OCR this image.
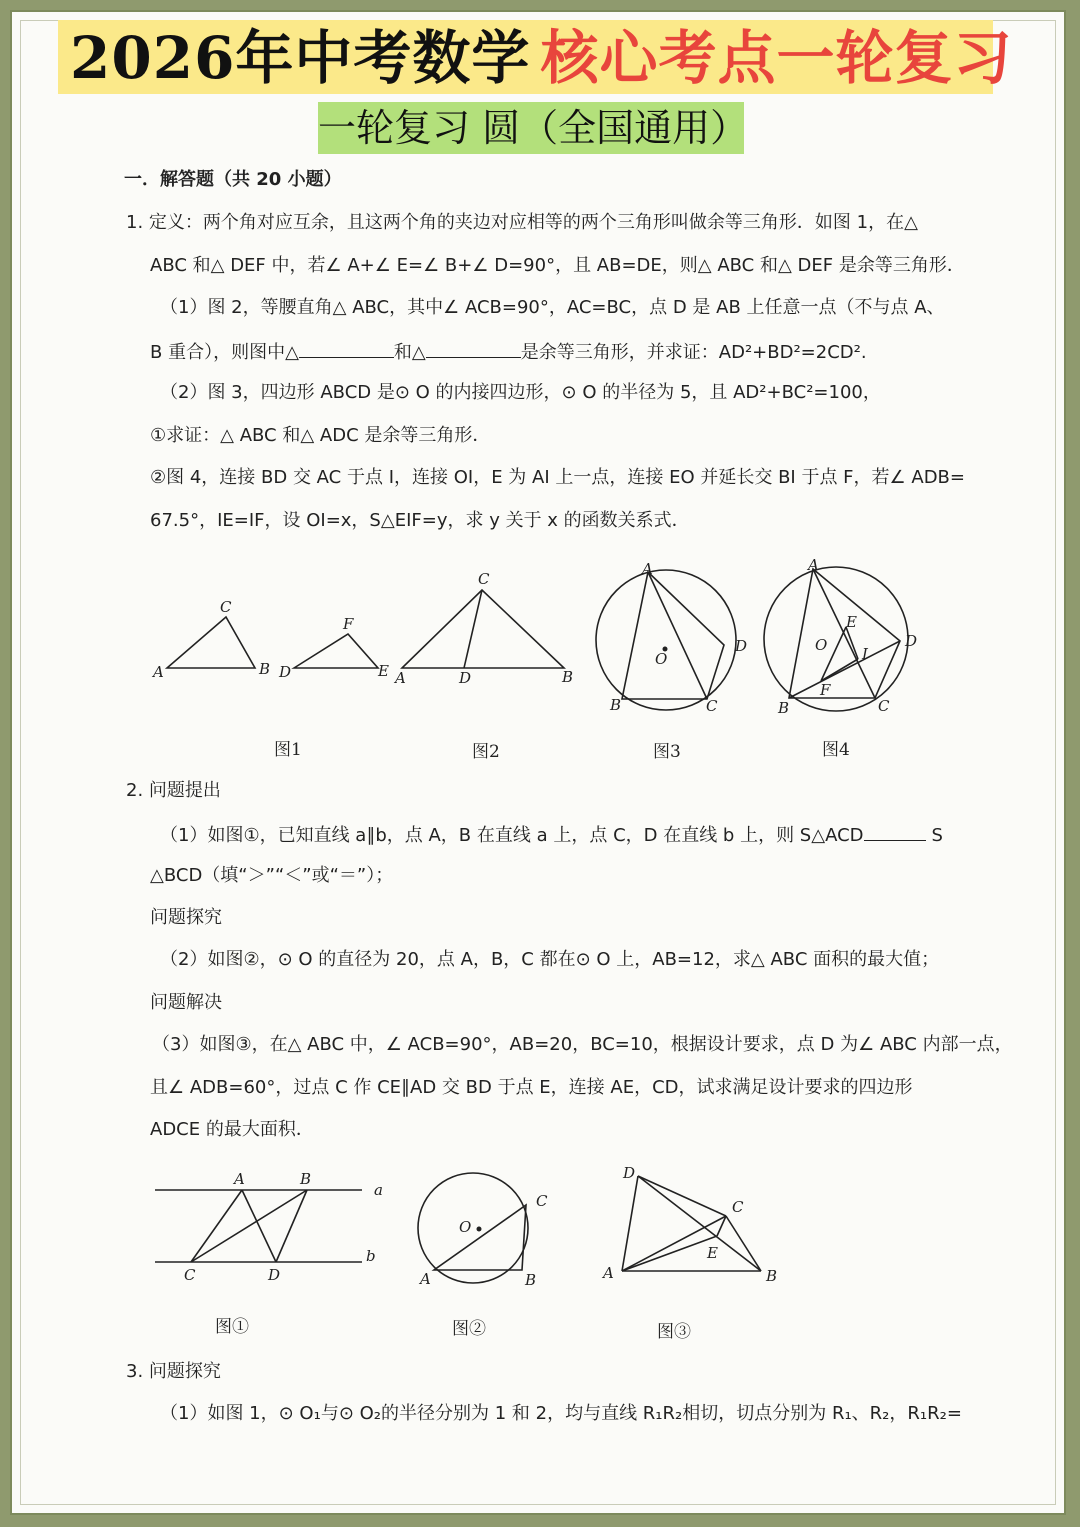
2026年中考数学 核心考点一轮复习
一轮复习 圆（全国通用）
一．解答题（共 20 小题）
1. 定义：两个角对应互余，且这两个角的夹边对应相等的两个三角形叫做余等三角形．如图 1，在△
ABC 和△ DEF 中，若∠ A+∠ E=∠ B+∠ D=90°，且 AB=DE，则△ ABC 和△ DEF 是余等三角形．
（1）图 2，等腰直角△ ABC，其中∠ ACB=90°，AC=BC，点 D 是 AB 上任意一点（不与点 A、
B 重合），则图中△	和△	是余等三角形，并求证：AD²+BD²=2CD².
（2）图 3，四边形 ABCD 是⊙ O 的内接四边形，⊙ O 的半径为 5，且 AD²+BC²=100，
①求证：△ ABC 和△ ADC 是余等三角形．
②图 4，连接 BD 交 AC 于点 I，连接 OI，E 为 AI 上一点，连接 EO 并延长交 BI 于点 F，若∠ ADB=
67.5°，IE=IF，设 OI=x，S△EIF=y，求 y 关于 x 的函数关系式．
A	B
C
D	E
F
A	D	B
C
A
D
B	C
O
A
B	C
D
E
F
I
O
图1	图2	图3	图4
2. 问题提出
（1）如图①，已知直线 a∥b，点 A，B 在直线 a 上，点 C，D 在直线 b 上，则 S△ACD	S
△BCD（填“＞”“＜”或“＝”）；
问题探究
（2）如图②，⊙ O 的直径为 20，点 A，B，C 都在⊙ O 上，AB=12，求△ ABC 面积的最大值；
问题解决
（3）如图③，在△ ABC 中，∠ ACB=90°，AB=20，BC=10，根据设计要求，点 D 为∠ ABC 内部一点，
且∠ ADB=60°，过点 C 作 CE∥AD 交 BD 于点 E，连接 AE，CD，试求满足设计要求的四边形
ADCE 的最大面积．
A	B
C	D
a
b
O
A	B
C
D
C
E
A	B
图①	图②	图③
3. 问题探究
（1）如图 1，⊙ O₁与⊙ O₂的半径分别为 1 和 2，均与直线 R₁R₂相切，切点分别为 R₁、R₂，R₁R₂=
